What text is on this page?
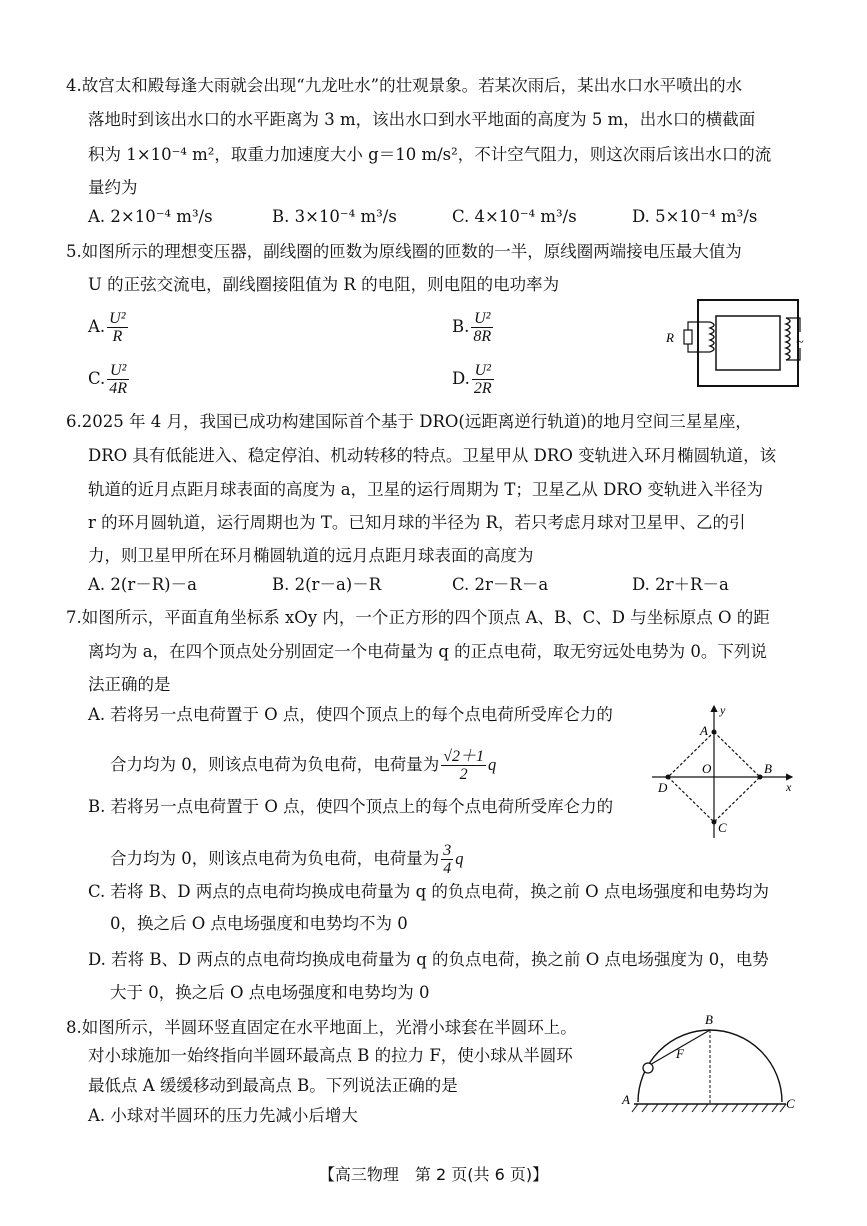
4.故宫太和殿每逢大雨就会出现“九龙吐水”的壮观景象。若某次雨后，某出水口水平喷出的水
落地时到该出水口的水平距离为 3 m，该出水口到水平地面的高度为 5 m，出水口的横截面
积为 1×10⁻⁴ m²，取重力加速度大小 g＝10 m/s²，不计空气阻力，则这次雨后该出水口的流
量约为
A. 2×10⁻⁴ m³/s	B. 3×10⁻⁴ m³/s	C. 4×10⁻⁴ m³/s	D. 5×10⁻⁴ m³/s
5.如图所示的理想变压器，副线圈的匝数为原线圈的匝数的一半，原线圈两端接电压最大值为
U 的正弦交流电，副线圈接阻值为 R 的电阻，则电阻的电功率为
A. $\frac{\text{U²}}{R}$	B. $\frac{\text{U²}}{8R}$
C. $\frac{\text{U²}}{4R}$	D. $\frac{\text{U²}}{2R}$
R	~
6.2025 年 4 月，我国已成功构建国际首个基于 DRO(远距离逆行轨道)的地月空间三星星座，
DRO 具有低能进入、稳定停泊、机动转移的特点。卫星甲从 DRO 变轨进入环月椭圆轨道，该
轨道的近月点距月球表面的高度为 a，卫星的运行周期为 T；卫星乙从 DRO 变轨进入半径为
r 的环月圆轨道，运行周期也为 T。已知月球的半径为 R，若只考虑月球对卫星甲、乙的引
力，则卫星甲所在环月椭圆轨道的远月点距月球表面的高度为
A. 2(r－R)－a	B. 2(r－a)－R	C. 2r－R－a	D. 2r＋R－a
7.如图所示，平面直角坐标系 xOy 内，一个正方形的四个顶点 A、B、C、D 与坐标原点 O 的距
离均为 a，在四个顶点处分别固定一个电荷量为 q 的正点电荷，取无穷远处电势为 0。下列说
法正确的是
A. 若将另一点电荷置于 O 点，使四个顶点上的每个点电荷所受库仑力的
合力均为 0，则该点电荷为负电荷，电荷量为 $\frac{√2+1}{2}$ q
B. 若将另一点电荷置于 O 点，使四个顶点上的每个点电荷所受库仑力的
合力均为 0，则该点电荷为负电荷，电荷量为 $\frac{3}{4}$ q
C. 若将 B、D 两点的点电荷均换成电荷量为 q 的负点电荷，换之前 O 点电场强度和电势均为
0，换之后 O 点电场强度和电势均不为 0
D. 若将 B、D 两点的点电荷均换成电荷量为 q 的负点电荷，换之前 O 点电场强度为 0，电势
大于 0，换之后 O 点电场强度和电势均为 0
y
x
O
A
B
C
D
8.如图所示，半圆环竖直固定在水平地面上，光滑小球套在半圆环上。
对小球施加一始终指向半圆环最高点 B 的拉力 F，使小球从半圆环
最低点 A 缓缓移动到最高点 B。下列说法正确的是
A. 小球对半圆环的压力先减小后增大
B
F
A	C
【高三物理　第 2 页(共 6 页)】
